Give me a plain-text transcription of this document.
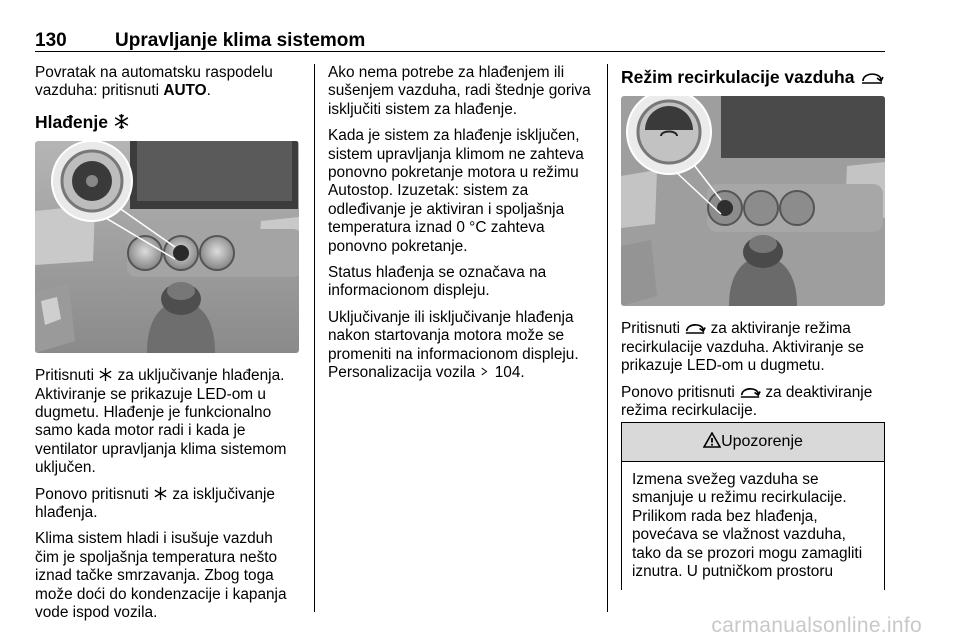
130	Upravljanje klima sistemom

Povratak na automatsku raspodelu vazduha: pritisnuti AUTO.

Hlađenje

Pritisnuti  za uključivanje hlađenja. Aktiviranje se prikazuje LED-om u dugmetu. Hlađenje je funkcionalno samo kada motor radi i kada je ventilator upravljanja klima sistemom uključen.

Ponovo pritisnuti  za isključivanje hlađenja.

Klima sistem hladi i isušuje vazduh čim je spoljašnja temperatura nešto iznad tačke smrzavanja. Zbog toga može doći do kondenzacije i kapanja vode ispod vozila.

Ako nema potrebe za hlađenjem ili sušenjem vazduha, radi štednje goriva isključiti sistem za hlađenje.

Kada je sistem za hlađenje isključen, sistem upravljanja klimom ne zahteva ponovno pokretanje motora u režimu Autostop. Izuzetak: sistem za odleđivanje je aktiviran i spoljašnja temperatura iznad 0 °C zahteva ponovno pokretanje.

Status hlađenja se označava na informacionom displeju.

Uključivanje ili isključivanje hlađenja nakon startovanja motora može se promeniti na informacionom displeju. Personalizacija vozila  104.

Režim recirkulacije vazduha

Pritisnuti  za aktiviranje režima recirkulacije vazduha. Aktiviranje se prikazuje LED-om u dugmetu.

Ponovo pritisnuti  za deaktiviranje režima recirkulacije.

Upozorenje
Izmena svežeg vazduha se smanjuje u režimu recirkulacije. Prilikom rada bez hlađenja, povećava se vlažnost vazduha, tako da se prozori mogu zamagliti iznutra. U putničkom prostoru
carmanualsonline.info
